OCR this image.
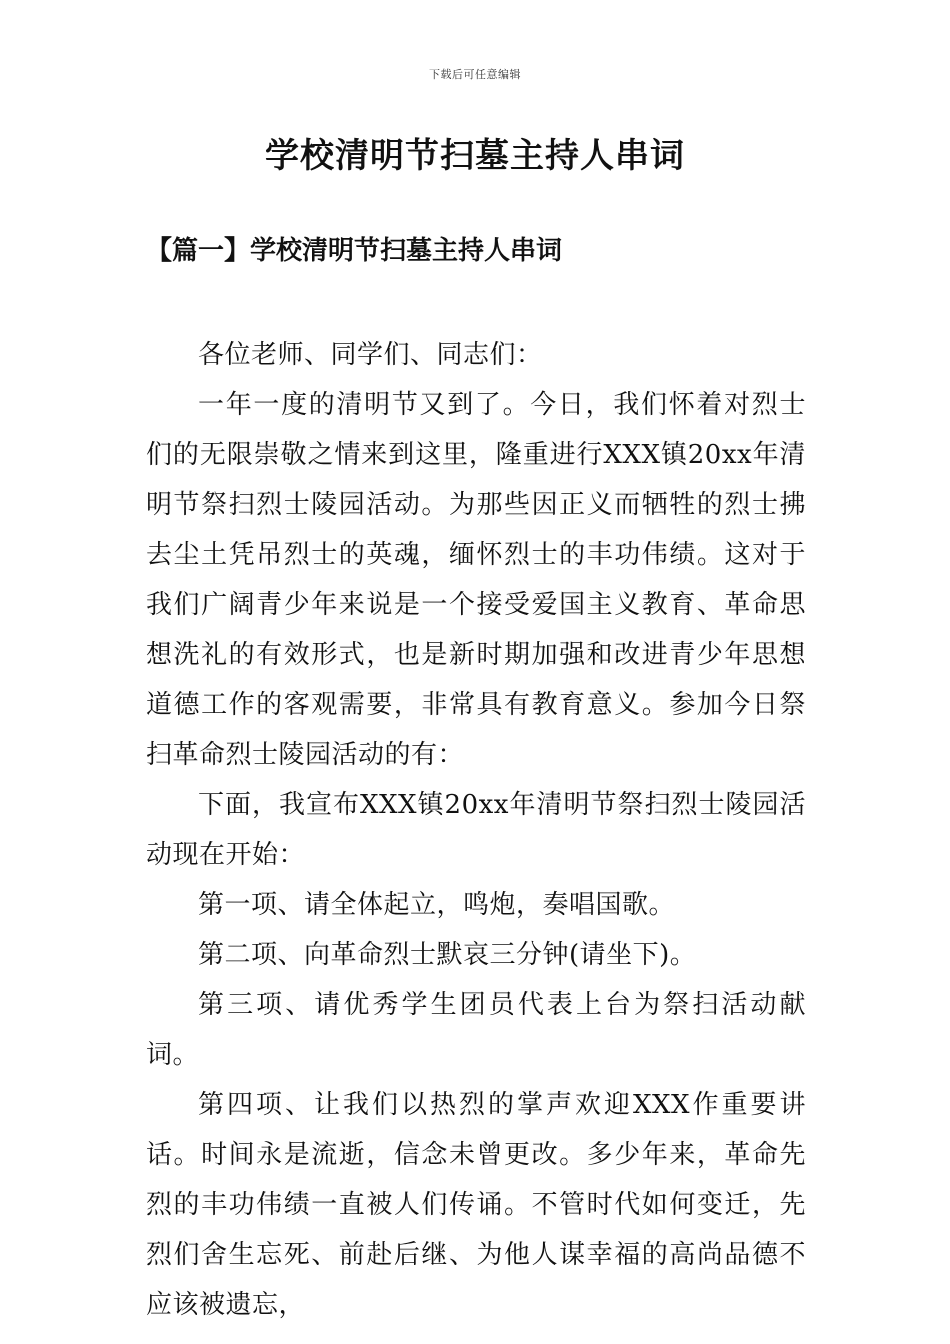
下载后可任意编辑
学校清明节扫墓主持人串词
【篇一】学校清明节扫墓主持人串词

各位老师、同学们、同志们：

一年一度的清明节又到了。今日，我们怀着对烈士们的无限崇敬之情来到这里，隆重进行XXX镇20xx年清明节祭扫烈士陵园活动。为那些因正义而牺牲的烈士拂去尘土凭吊烈士的英魂，缅怀烈士的丰功伟绩。这对于我们广阔青少年来说是一个接受爱国主义教育、革命思想洗礼的有效形式，也是新时期加强和改进青少年思想道德工作的客观需要，非常具有教育意义。参加今日祭扫革命烈士陵园活动的有：

下面，我宣布XXX镇20xx年清明节祭扫烈士陵园活动现在开始：

第一项、请全体起立，鸣炮，奏唱国歌。

第二项、向革命烈士默哀三分钟(请坐下)。

第三项、请优秀学生团员代表上台为祭扫活动献词。

第四项、让我们以热烈的掌声欢迎XXX作重要讲话。时间永是流逝，信念未曾更改。多少年来，革命先烈的丰功伟绩一直被人们传诵。不管时代如何变迁，先烈们舍生忘死、前赴后继、为他人谋幸福的高尚品德不应该被遗忘，
